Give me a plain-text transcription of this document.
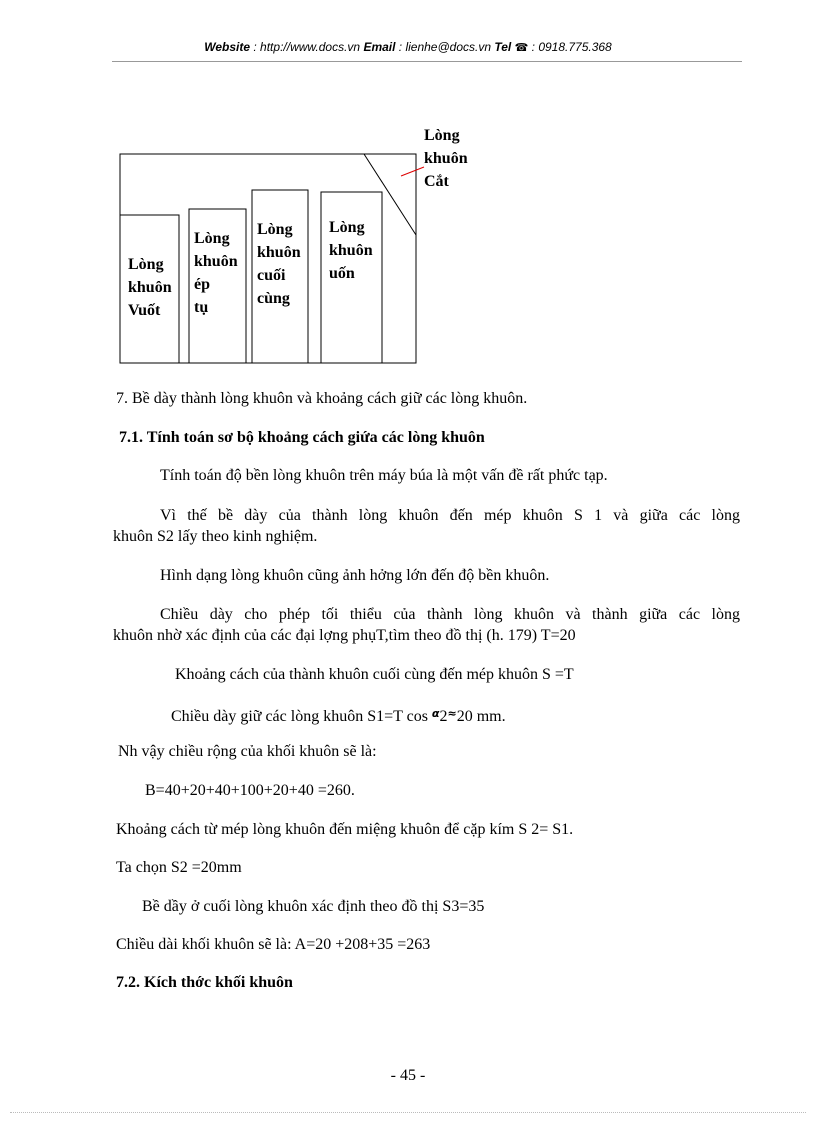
Website : http://www.docs.vn Email : lienhe@docs.vn Tel ☎ : 0918.775.368
Lòng
khuôn
Cắt
Lòng
khuôn
Vuốt
Lòng
khuôn
ép
tụ
Lòng
khuôn
cuối
cùng
Lòng
khuôn
uốn
7. Bề dày thành lòng khuôn và khoảng cách giữ các lòng khuôn.
7.1. Tính toán sơ bộ khoảng cách giứa các lòng khuôn
Tính toán độ bền lòng khuôn trên máy búa là một vấn đề rất phức tạp.
Vì thế bề dày của thành lòng khuôn đến mép khuôn S 1 và giữa các lòng
khuôn S2 lấy theo kinh nghiệm.
Hình dạng lòng khuôn cũng ảnh hởng lớn đến độ bền khuôn.
Chiều dày cho phép tối thiểu của thành lòng khuôn và thành giữa các lòng
khuôn nhờ xác định của các đại lợng phụT,tìm theo đồ thị (h. 179) T=20
Khoảng cách của thành khuôn cuối cùng đến mép khuôn S =T
Chiều dày giữ các lòng khuôn S1=T cos $^\alpha$2≈20 mm.
Nh vậy chiều rộng của khối khuôn sẽ là:
B=40+20+40+100+20+40 =260.
Khoảng cách từ mép lòng khuôn đến miệng khuôn để cặp kím S 2= S1.
Ta chọn S2 =20mm
Bề dầy ở cuối lòng khuôn xác định theo đồ thị S3=35
Chiều dài khối khuôn sẽ là: A=20 +208+35 =263
7.2. Kích thớc khối khuôn
- 45 -
